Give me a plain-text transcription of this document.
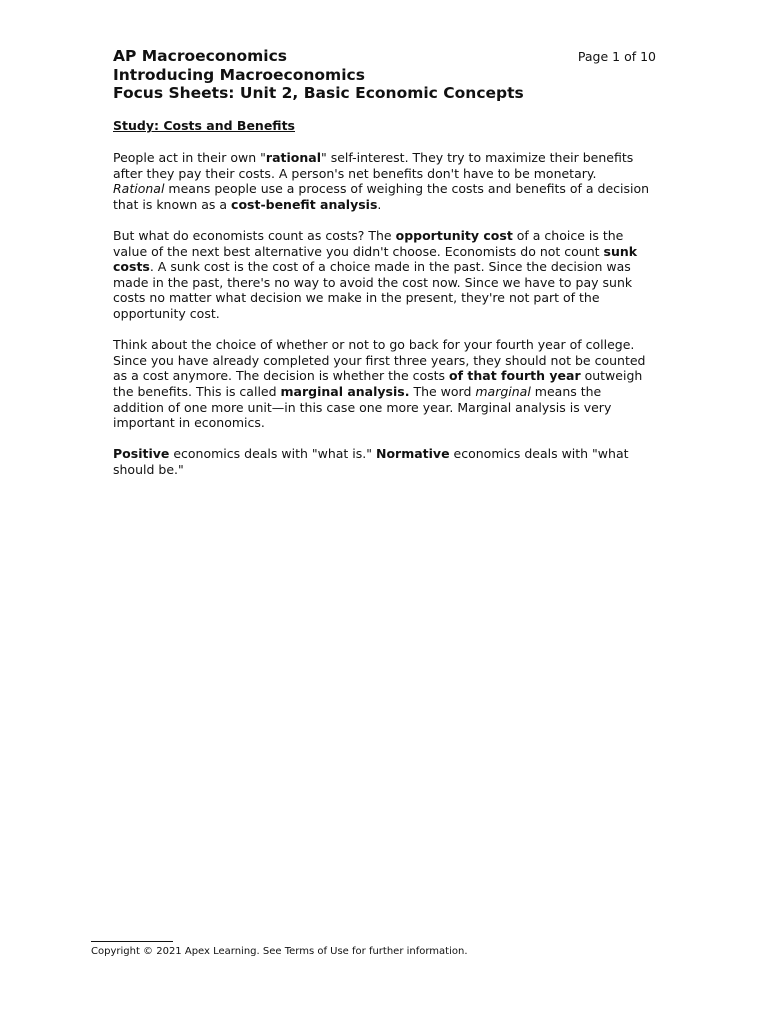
AP Macroeconomics
Introducing Macroeconomics
Focus Sheets: Unit 2, Basic Economic Concepts
Page 1 of 10
Study: Costs and Benefits
People act in their own "rational" self-interest. They try to maximize their benefits
after they pay their costs. A person's net benefits don't have to be monetary.
Rational means people use a process of weighing the costs and benefits of a decision
that is known as a cost-benefit analysis.
But what do economists count as costs? The opportunity cost of a choice is the
value of the next best alternative you didn't choose. Economists do not count sunk
costs. A sunk cost is the cost of a choice made in the past. Since the decision was
made in the past, there's no way to avoid the cost now. Since we have to pay sunk
costs no matter what decision we make in the present, they're not part of the
opportunity cost.
Think about the choice of whether or not to go back for your fourth year of college.
Since you have already completed your first three years, they should not be counted
as a cost anymore. The decision is whether the costs of that fourth year outweigh
the benefits. This is called marginal analysis. The word marginal means the
addition of one more unit—in this case one more year. Marginal analysis is very
important in economics.
Positive economics deals with "what is." Normative economics deals with "what
should be."
Copyright © 2021 Apex Learning. See Terms of Use for further information.
